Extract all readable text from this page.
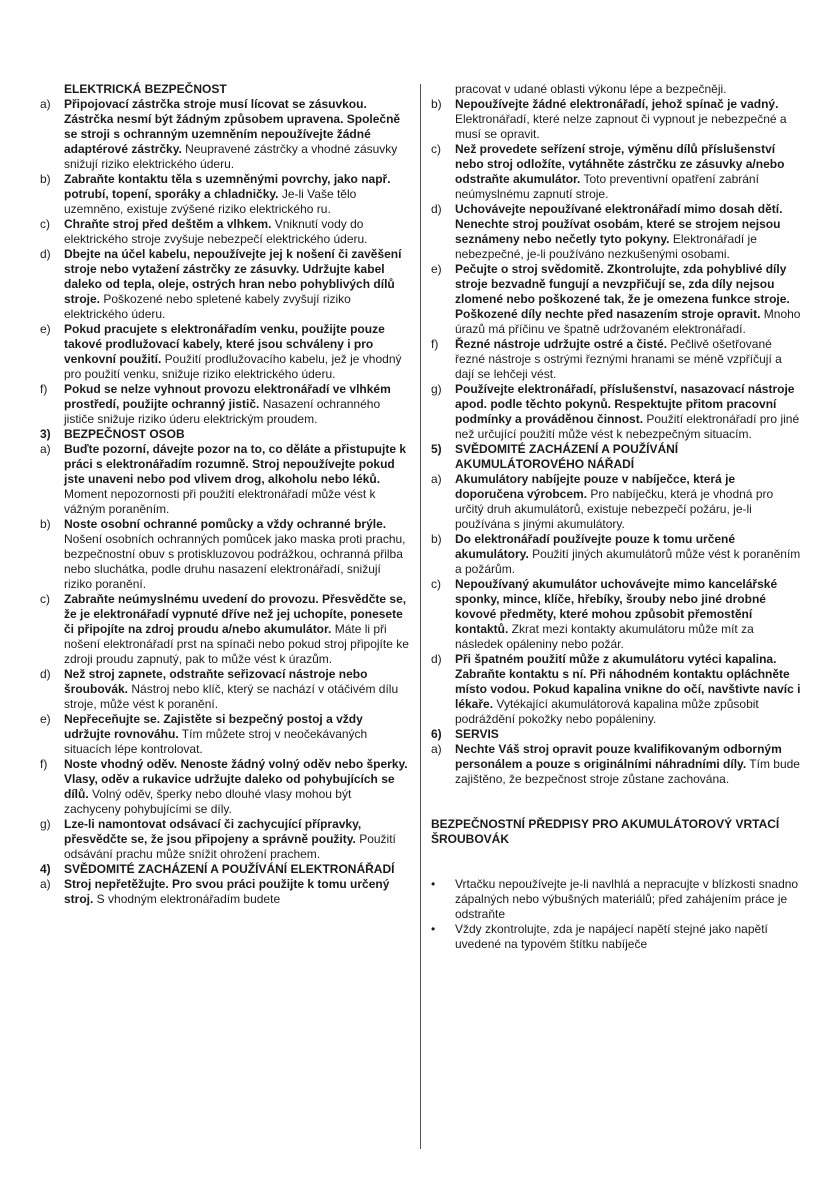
ELEKTRICKÁ BEZPEČNOST
a)	Připojovací zástrčka stroje musí lícovat se zásuvkou. Zástrčka nesmí být žádným způsobem upravena. Společně se stroji s ochranným uzemněním nepoužívejte žádné adaptérové zástrčky. Neupravené zástrčky a vhodné zásuvky snižují riziko elektrického úderu.
b)	Zabraňte kontaktu těla s uzemněnými povrchy, jako např. potrubí, topení, sporáky a chladničky. Je-li Vaše tělo uzemněno, existuje zvýšené riziko elektrického ru.
c)	Chraňte stroj před deštěm a vlhkem. Vniknutí vody do elektrického stroje zvyšuje nebezpečí elektrického úderu.
d)	Dbejte na účel kabelu, nepoužívejte jej k nošení či zavěšení stroje nebo vytažení zástrčky ze zásuvky. Udržujte kabel daleko od tepla, oleje, ostrých hran nebo pohyblivých dílů stroje. Poškozené nebo spletené kabely zvyšují riziko elektrického úderu.
e)	Pokud pracujete s elektronářadím venku, použijte pouze takové prodlužovací kabely, které jsou schváleny i pro venkovní použití. Použití prodlužovacího kabelu, jež je vhodný pro použití venku, snižuje riziko elektrického úderu.
f)	Pokud se nelze vyhnout provozu elektronářadí ve vlhkém prostředí, použijte ochranný jistič. Nasazení ochranného jističe snižuje riziko úderu elektrickým proudem.
3)	BEZPEČNOST OSOB
a)	Buďte pozorní, dávejte pozor na to, co děláte a přistupujte k práci s elektronářadím rozumně. Stroj nepoužívejte pokud jste unaveni nebo pod vlivem drog, alkoholu nebo léků. Moment nepozornosti při použití elektronářadí může vést k vážným poraněním.
b)	Noste osobní ochranné pomůcky a vždy ochranné brýle. Nošení osobních ochranných pomůcek jako maska proti prachu, bezpečnostní obuv s protiskluzovou podrážkou, ochranná přilba nebo sluchátka, podle druhu nasazení elektronářadí, snižují riziko poranění.
c)	Zabraňte neúmyslnému uvedení do provozu. Přesvědčte se, že je elektronářadí vypnuté dříve než jej uchopíte, ponesete či připojíte na zdroj proudu a/nebo akumulátor. Máte li při nošení elektronářadí prst na spínači nebo pokud stroj připojíte ke zdroji proudu zapnutý, pak to může vést k úrazům.
d)	Než stroj zapnete, odstraňte seřizovací nástroje nebo šroubovák. Nástroj nebo klíč, který se nachází v otáčivém dílu stroje, může vést k poranění.
e)	Nepřeceňujte se. Zajistěte si bezpečný postoj a vždy udržujte rovnováhu. Tím můžete stroj v neočekávaných situacích lépe kontrolovat.
f)	Noste vhodný oděv. Nenoste žádný volný oděv nebo šperky. Vlasy, oděv a rukavice udržujte daleko od pohybujících se dílů. Volný oděv, šperky nebo dlouhé vlasy mohou být zachyceny pohybujícími se díly.
g)	Lze-li namontovat odsávací či zachycující přípravky, přesvědčte se, že jsou připojeny a správně použity. Použití odsávání prachu může snížit ohrožení prachem.
4)	SVĚDOMITÉ ZACHÁZENÍ A POUŽÍVÁNÍ ELEKTRONÁŘADÍ
a)	Stroj nepřetěžujte. Pro svou práci použijte k tomu určený stroj. S vhodným elektronářadím budete
pracovat v udané oblasti výkonu lépe a bezpečněji.
b)	Nepoužívejte žádné elektronářadí, jehož spínač je vadný. Elektronářadí, které nelze zapnout či vypnout je nebezpečné a musí se opravit.
c)	Než provedete seřízení stroje, výměnu dílů příslušenství nebo stroj odložíte, vytáhněte zástrčku ze zásuvky a/nebo odstraňte akumulátor. Toto preventivní opatření zabrání neúmyslnému zapnutí stroje.
d)	Uchovávejte nepoužívané elektronářadí mimo dosah dětí. Nenechte stroj používat osobám, které se strojem nejsou seznámeny nebo nečetly tyto pokyny. Elektronářadí je nebezpečné, je-li používáno nezkušenými osobami.
e)	Pečujte o stroj svědomitě. Zkontrolujte, zda pohyblivé díly stroje bezvadně fungují a nevzpřičují se, zda díly nejsou zlomené nebo poškozené tak, že je omezena funkce stroje. Poškozené díly nechte před nasazením stroje opravit. Mnoho úrazů má příčinu ve špatně udržovaném elektronářadí.
f)	Řezné nástroje udržujte ostré a čisté. Pečlivě ošetřované řezné nástroje s ostrými řeznými hranami se méně vzpříčují a dají se lehčeji vést.
g)	Používejte elektronářadí, příslušenství, nasazovací nástroje apod. podle těchto pokynů. Respektujte přitom pracovní podmínky a prováděnou činnost. Použití elektronářadí pro jiné než určující použití může vést k nebezpečným situacím.
5)	SVĚDOMITÉ ZACHÁZENÍ A POUŽÍVÁNÍ AKUMULÁTOROVÉHO NÁŘADÍ
a)	Akumulátory nabíjejte pouze v nabíječce, která je doporučena výrobcem. Pro nabíječku, která je vhodná pro určitý druh akumulátorů, existuje nebezpečí požáru, je-li používána s jinými akumulátory.
b)	Do elektronářadí používejte pouze k tomu určené akumulátory. Použití jiných akumulátorů může vést k poraněním a požárům.
c)	Nepoužívaný akumulátor uchovávejte mimo kancelářské sponky, mince, klíče, hřebíky, šrouby nebo jiné drobné kovové předměty, které mohou způsobit přemostění kontaktů. Zkrat mezi kontakty akumulátoru může mít za následek opáleniny nebo požár.
d)	Při špatném použití může z akumulátoru vytéci kapalina. Zabraňte kontaktu s ní. Při náhodném kontaktu opláchněte místo vodou. Pokud kapalina vnikne do očí, navštivte navíc i lékaře. Vytékající akumulátorová kapalina může způsobit podráždění pokožky nebo popáleniny.
6)	SERVIS
a)	Nechte Váš stroj opravit pouze kvalifikovaným odborným personálem a pouze s originálními náhradními díly. Tím bude zajištěno, že bezpečnost stroje zůstane zachována.
BEZPEČNOSTNÍ PŘEDPISY PRO AKUMULÁTOROVÝ VRTACÍ ŠROUBOVÁK
•	Vrtačku nepoužívejte je-li navlhlá a nepracujte v blízkosti snadno zápalných nebo výbušných materiálů; před zahájením práce je odstraňte
•	Vždy zkontrolujte, zda je napájecí napětí stejné jako napětí uvedené na typovém štítku nabíječe
